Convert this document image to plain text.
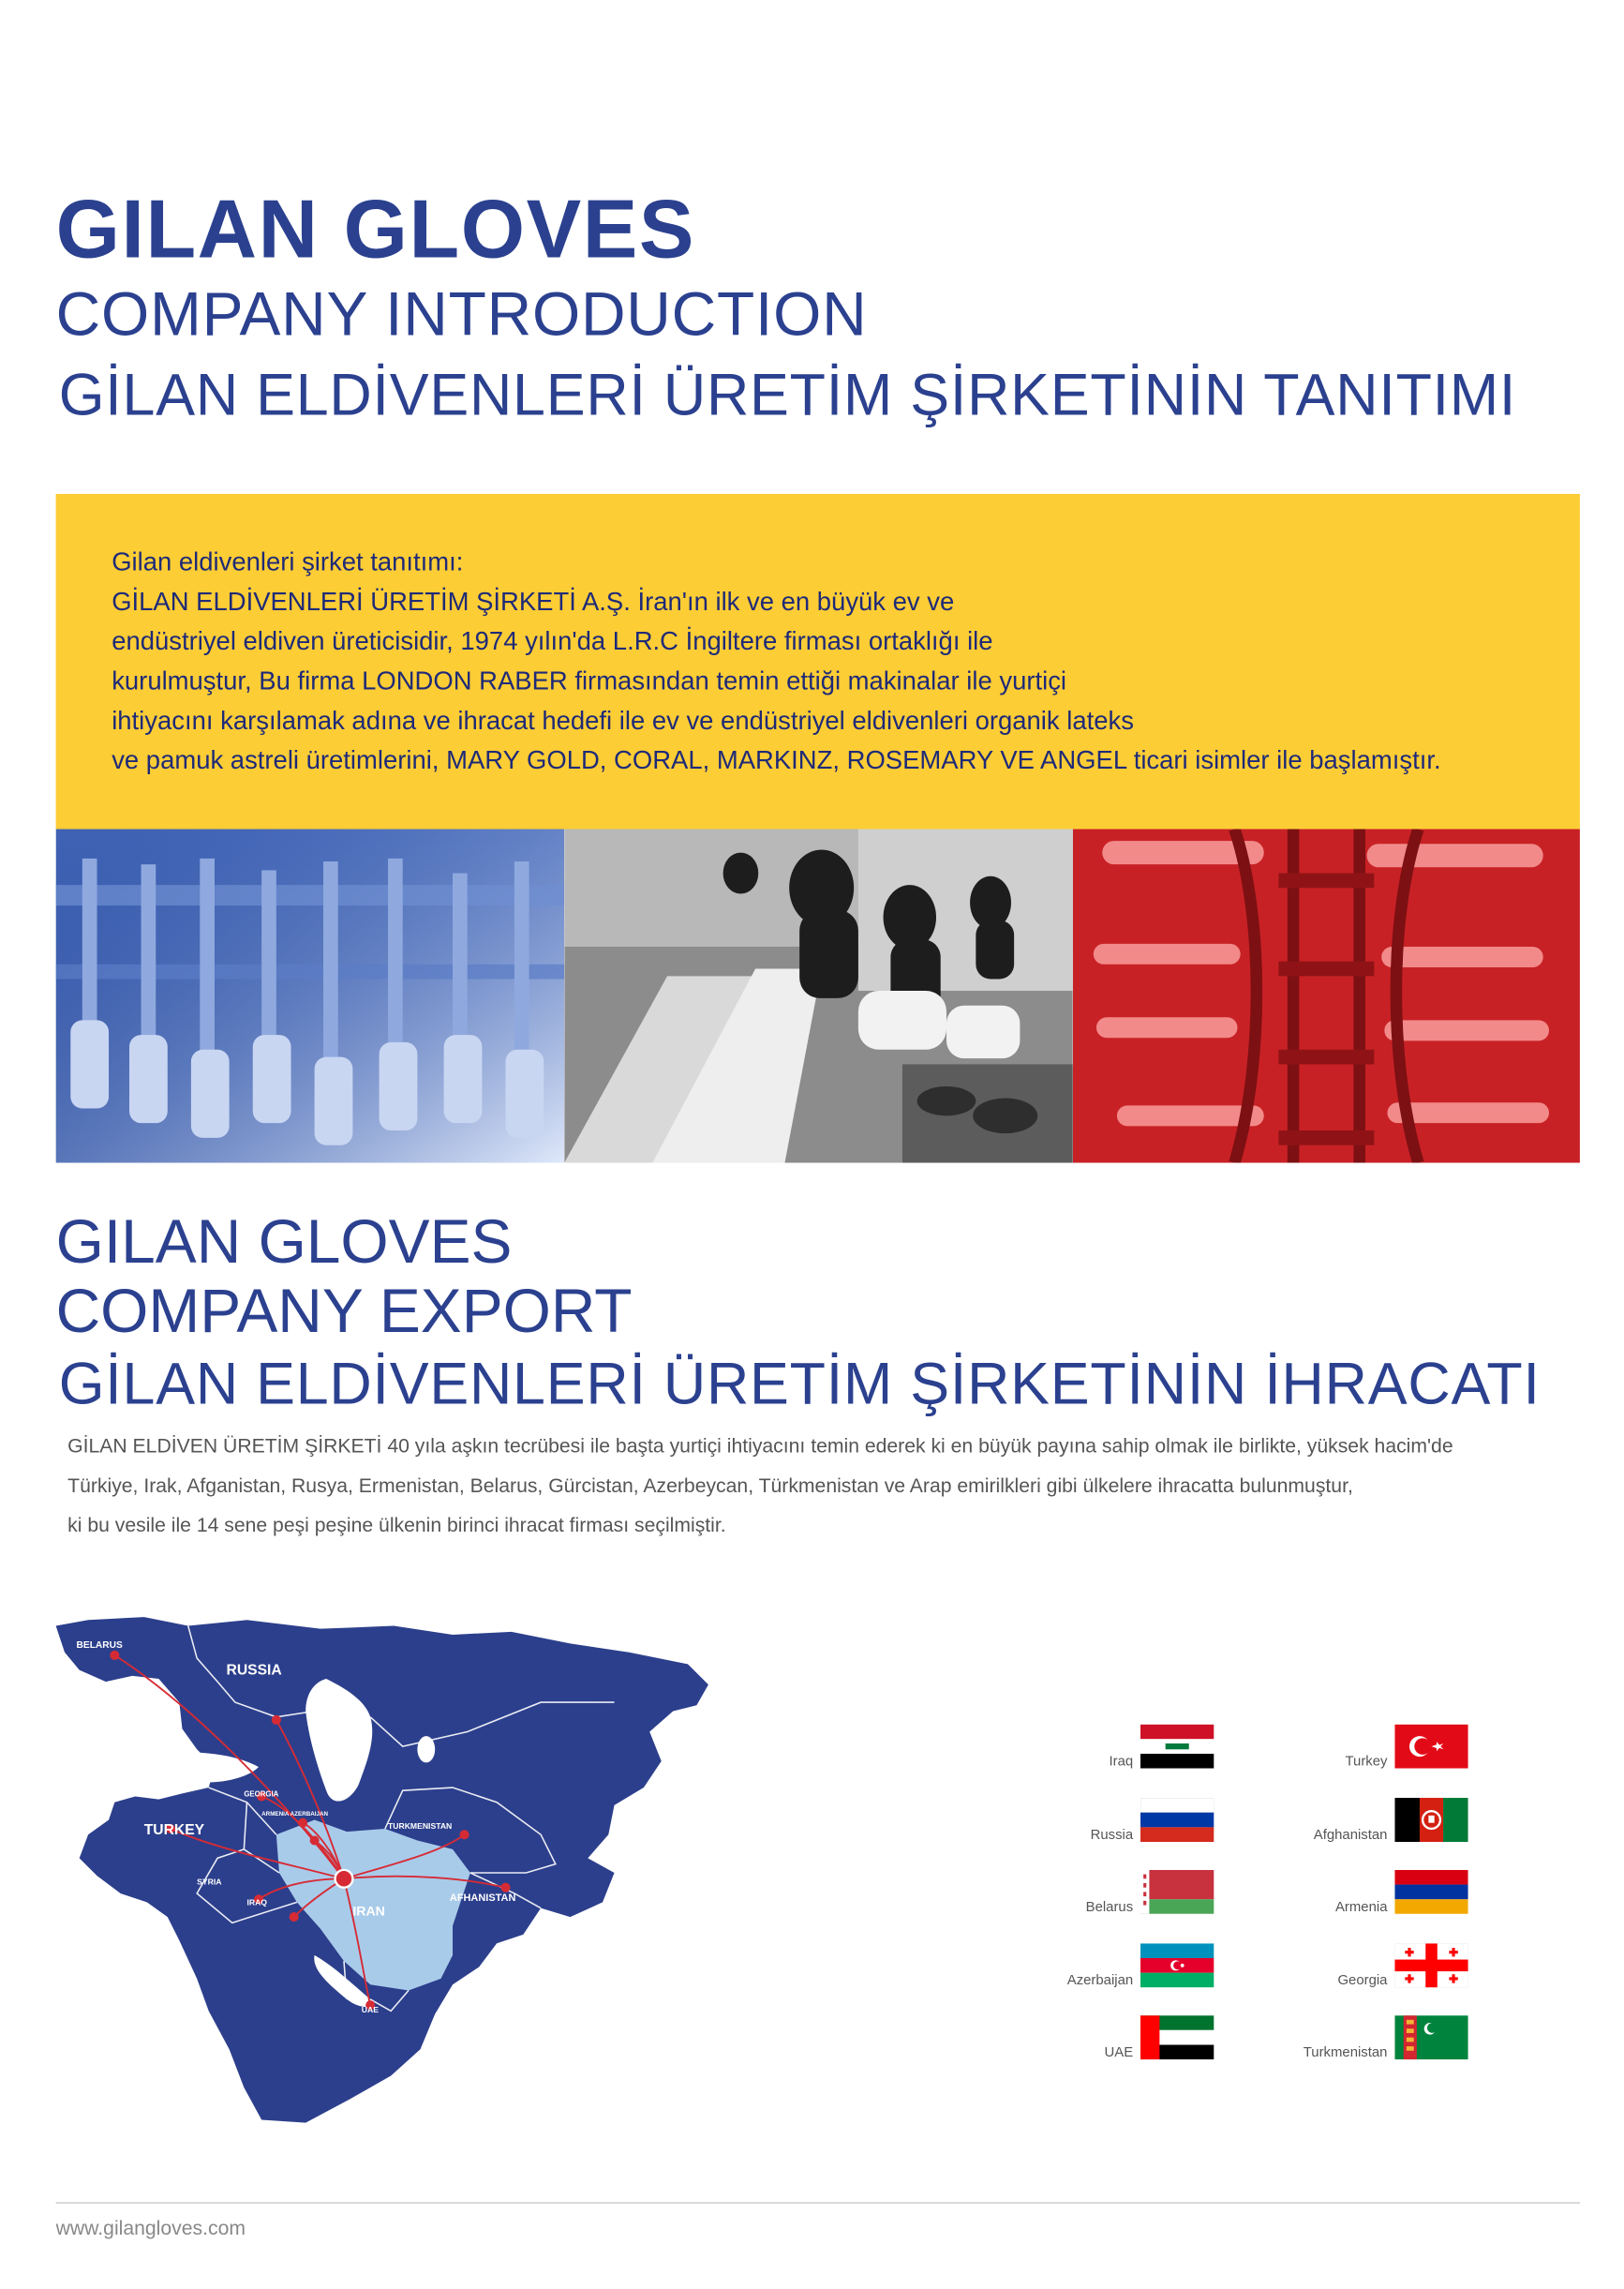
GILAN GLOVES
COMPANY INTRODUCTION
GİLAN ELDİVENLERİ ÜRETİM ŞİRKETİNİN TANITIMI
Gilan eldivenleri şirket tanıtımı:
GİLAN ELDİVENLERİ ÜRETİM ŞİRKETİ A.Ş. İran'ın ilk ve en büyük ev ve
endüstriyel eldiven üreticisidir, 1974 yılın'da L.R.C İngiltere firması ortaklığı ile
kurulmuştur, Bu firma LONDON RABER firmasından temin ettiği makinalar ile yurtiçi
ihtiyacını karşılamak adına ve ihracat hedefi ile ev ve endüstriyel eldivenleri organik lateks
ve pamuk astreli üretimlerini, MARY GOLD, CORAL, MARKINZ, ROSEMARY VE ANGEL ticari isimler ile başlamıştır.
GILAN GLOVES
COMPANY EXPORT
GİLAN ELDİVENLERİ ÜRETİM ŞİRKETİNİN İHRACATI
GİLAN ELDİVEN ÜRETİM ŞİRKETİ 40 yıla aşkın tecrübesi ile başta yurtiçi ihtiyacını temin ederek ki en büyük payına sahip olmak ile birlikte, yüksek hacim'de
Türkiye, Irak, Afganistan, Rusya, Ermenistan, Belarus, Gürcistan, Azerbeycan, Türkmenistan ve Arap emirilkleri gibi ülkelere ihracatta bulunmuştur,
ki bu vesile ile 14 sene peşi peşine ülkenin birinci ihracat firması seçilmiştir.
BELARUS
RUSSIA
GEORGIA
ARMENIA AZERBAIJAN
TURKMENISTAN
TURKEY
SYRIA
IRAQ
IRAN
AFHANISTAN
UAE
Iraq
Russia
Belarus
Azerbaijan
UAE
Turkey
Afghanistan
Armenia
Georgia
Turkmenistan
www.gilangloves.com
